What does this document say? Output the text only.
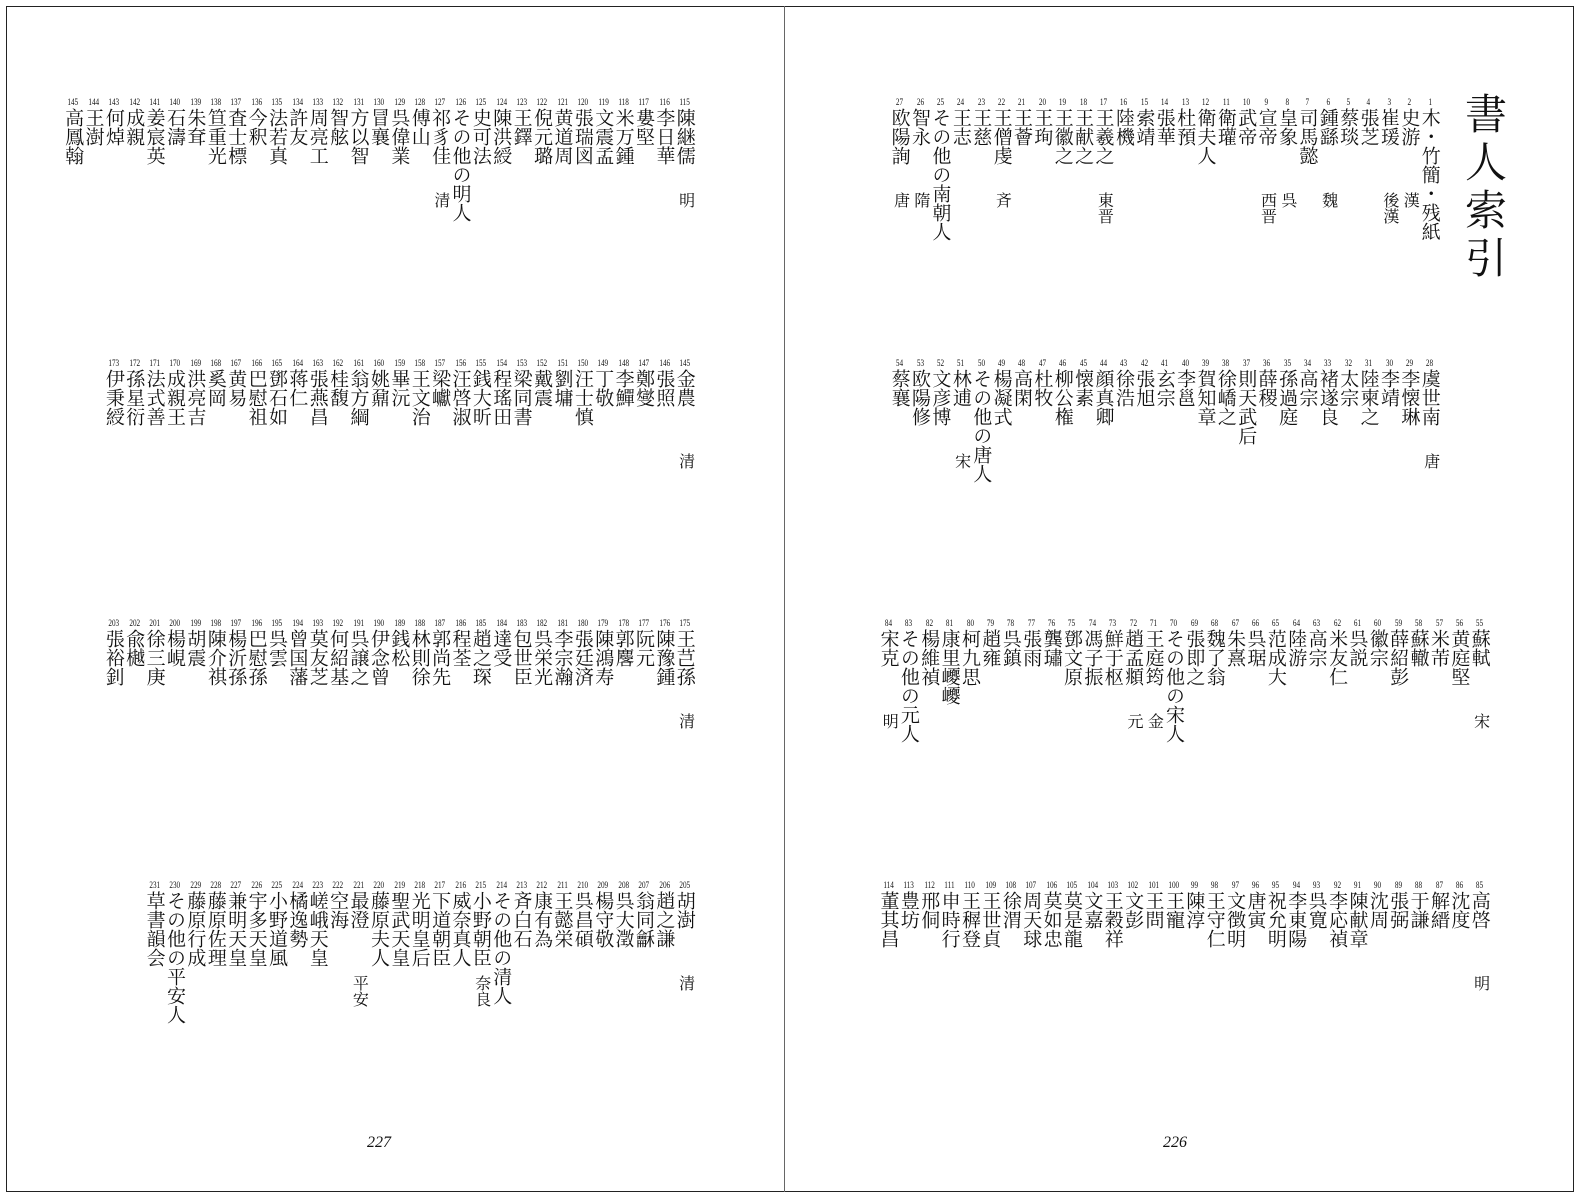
書人索引
1
木・竹簡・残紙
2
史游
漢
3
崔瑗
後漢
4
張芝
5
蔡琰
6
鍾繇
魏
7
司馬懿
8
皇象
呉
9
宣帝
西晋
10
武帝
11
衛瓘
12
衛夫人
13
杜預
14
張華
15
索靖
16
陸機
17
王羲之
東晋
18
王献之
19
王徽之
20
王珣
21
王薈
22
王僧虔
斉
23
王慈
24
王志
25
その他の南朝人
26
智永
隋
27
欧陽詢
唐
28
虞世南
唐
29
李懐琳
30
李靖
31
陸柬之
32
太宗
33
褚遂良
34
高宗
35
孫過庭
36
薛稷
37
則天武后
38
徐嶠之
39
賀知章
40
李邕
41
玄宗
42
張旭
43
徐浩
44
顔真卿
45
懐素
46
柳公権
47
杜牧
48
高閑
49
楊凝式
50
その他の唐人
51
林逋
宋
52
文彦博
53
欧陽修
54
蔡襄
55
蘇軾
宋
56
黄庭堅
57
米芾
58
蘇轍
59
薛紹彭
60
徽宗
61
呉説
62
米友仁
63
高宗
64
陸游
65
范成大
66
呉琚
67
朱熹
68
魏了翁
69
張即之
70
その他の宋人
71
王庭筠
金
72
趙孟頫
元
73
鮮于枢
74
馮子振
75
鄧文原
76
龔璛
77
張雨
78
呉鎮
79
趙雍
80
柯九思
81
康里巎巎
82
楊維禎
83
その他の元人
84
宋克
明
85
高啓
明
86
沈度
87
解縉
88
于謙
89
張弼
90
沈周
91
陳献章
92
李応禎
93
呉寛
94
李東陽
95
祝允明
96
唐寅
97
文徴明
98
王守仁
99
陳淳
100
王寵
101
王問
102
文彭
103
王穀祥
104
文嘉
105
莫是龍
106
莫如忠
107
周天球
108
徐渭
109
王世貞
110
王稺登
111
申時行
112
邢侗
113
豊坊
114
董其昌
115
陳継儒
明
116
李日華
117
婁堅
118
米万鍾
119
文震孟
120
張瑞図
121
黄道周
122
倪元璐
123
王鐸
124
陳洪綬
125
史可法
126
その他の明人
127
祁豸佳
清
128
傅山
129
呉偉業
130
冒襄
131
方以智
132
智舷
133
周亮工
134
許友
135
法若真
136
今釈
137
査士標
138
笪重光
139
朱耷
140
石濤
141
姜宸英
142
成親
143
何焯
144
王澍
145
高鳳翰
145
金農
清
146
張照
147
鄭燮
148
李鱓
149
丁敬
150
汪士慎
151
劉墉
152
戴震
153
梁同書
154
程瑤田
155
銭大昕
156
汪啓淑
157
梁巘
158
王文治
159
畢沅
160
姚鼐
161
翁方綱
162
桂馥
163
張燕昌
164
蒋仁
165
鄧石如
166
巴慰祖
167
黄易
168
奚岡
169
洪亮吉
170
成親王
171
法式善
172
孫星衍
173
伊秉綬
175
王芑孫
清
176
陳豫鍾
177
阮元
178
郭麐
179
陳鴻寿
180
張廷済
181
李宗瀚
182
呉栄光
183
包世臣
184
達受
185
趙之琛
186
程荃
187
郭尚先
188
林則徐
189
銭松
190
伊念曾
191
呉譲之
192
何紹基
193
莫友芝
194
曾国藩
195
呉雲
196
巴慰孫
197
楊沂孫
198
陳介祺
199
胡震
200
楊峴
201
徐三庚
202
兪樾
203
張裕釗
205
胡澍
清
206
趙之謙
207
翁同龢
208
呉大澂
209
楊守敬
210
呉昌碩
211
王懿栄
212
康有為
213
斉白石
214
その他の清人
215
小野朝臣
奈良
216
威奈真人
217
下道朝臣
218
光明皇后
219
聖武天皇
220
藤原夫人
221
最澄
平安
222
空海
223
嵯峨天皇
224
橘逸勢
225
小野道風
226
宇多天皇
227
兼明天皇
228
藤原佐理
229
藤原行成
230
その他の平安人
231
草書韻会
226
227
